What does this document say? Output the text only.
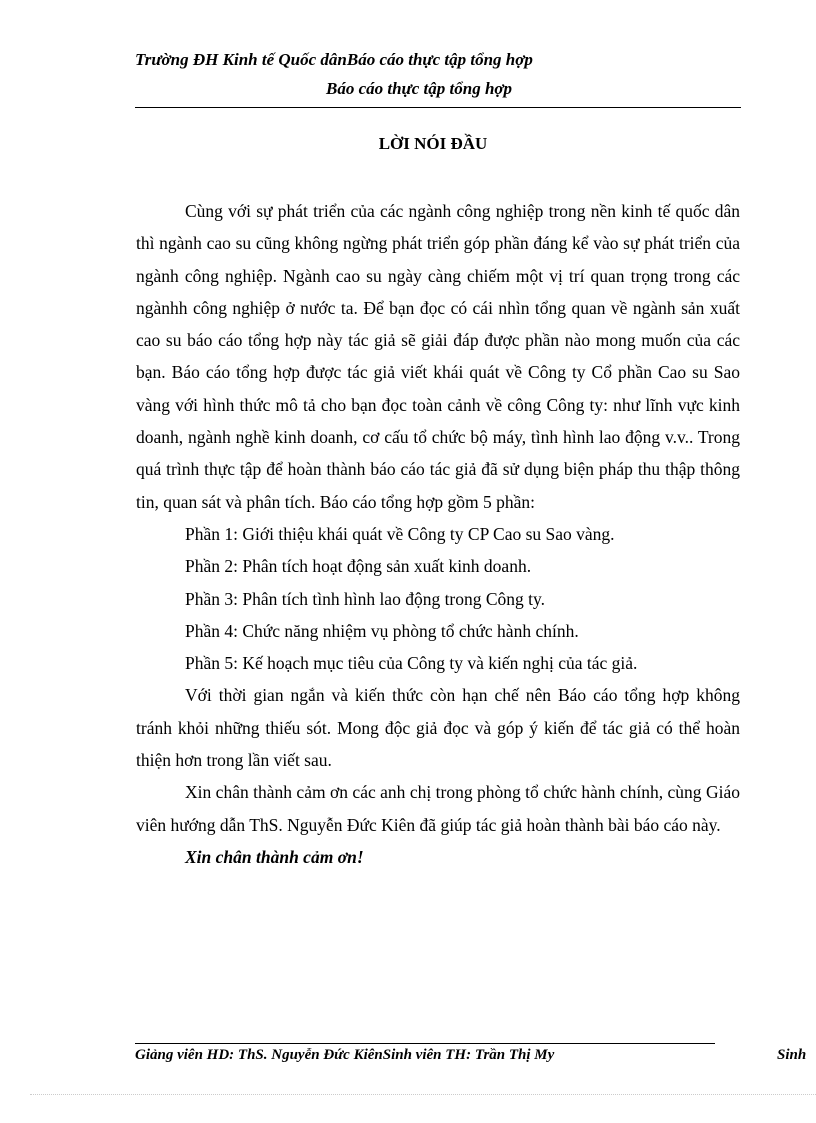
Trường ĐH Kinh tế Quốc dânBáo cáo thực tập tổng hợp
Báo cáo thực tập tổng hợp
LỜI NÓI ĐẦU

Cùng với sự phát triển của các ngành công nghiệp trong nền kinh tế quốc dân thì ngành cao su cũng không ngừng phát triển góp phần đáng kể vào sự phát triển của ngành công nghiệp. Ngành cao su ngày càng chiếm một vị trí quan trọng trong các ngànhh công nghiệp ở nước ta. Để bạn đọc có cái nhìn tổng quan về ngành sản xuất cao su báo cáo tổng hợp này tác giả sẽ giải đáp được phần nào mong muốn của các bạn. Báo cáo tổng hợp được tác giả viết khái quát về Công ty Cổ phần Cao su Sao vàng với hình thức mô tả cho bạn đọc toàn cảnh về công Công ty: như lĩnh vực kinh doanh, ngành nghề kinh doanh, cơ cấu tổ chức bộ máy, tình hình lao động v.v.. Trong quá trình thực tập để hoàn thành báo cáo tác giả đã sử dụng biện pháp thu thập thông tin, quan sát và phân tích. Báo cáo tổng hợp gồm 5 phần:

Phần 1: Giới thiệu khái quát về Công ty CP Cao su Sao vàng.

Phần 2: Phân tích hoạt động sản xuất kinh doanh.

Phần 3: Phân tích tình hình lao động trong Công ty.

Phần 4: Chức năng nhiệm vụ phòng tổ chức hành chính.

Phần 5: Kế hoạch mục tiêu của Công ty và kiến nghị của tác giả.

Với thời gian ngắn và kiến thức còn hạn chế nên Báo cáo tổng hợp không tránh khỏi những thiếu sót. Mong độc giả đọc và góp ý kiến để tác giả có thể hoàn thiện hơn trong lần viết sau.

Xin chân thành cảm ơn các anh chị trong phòng tổ chức hành chính, cùng Giáo viên hướng dẫn ThS. Nguyễn Đức Kiên đã giúp tác giả hoàn thành bài báo cáo này.

Xin chân thành cảm ơn!

Giảng viên HD: ThS. Nguyễn Đức KiênSinh viên TH: Trần Thị My	Sinh
